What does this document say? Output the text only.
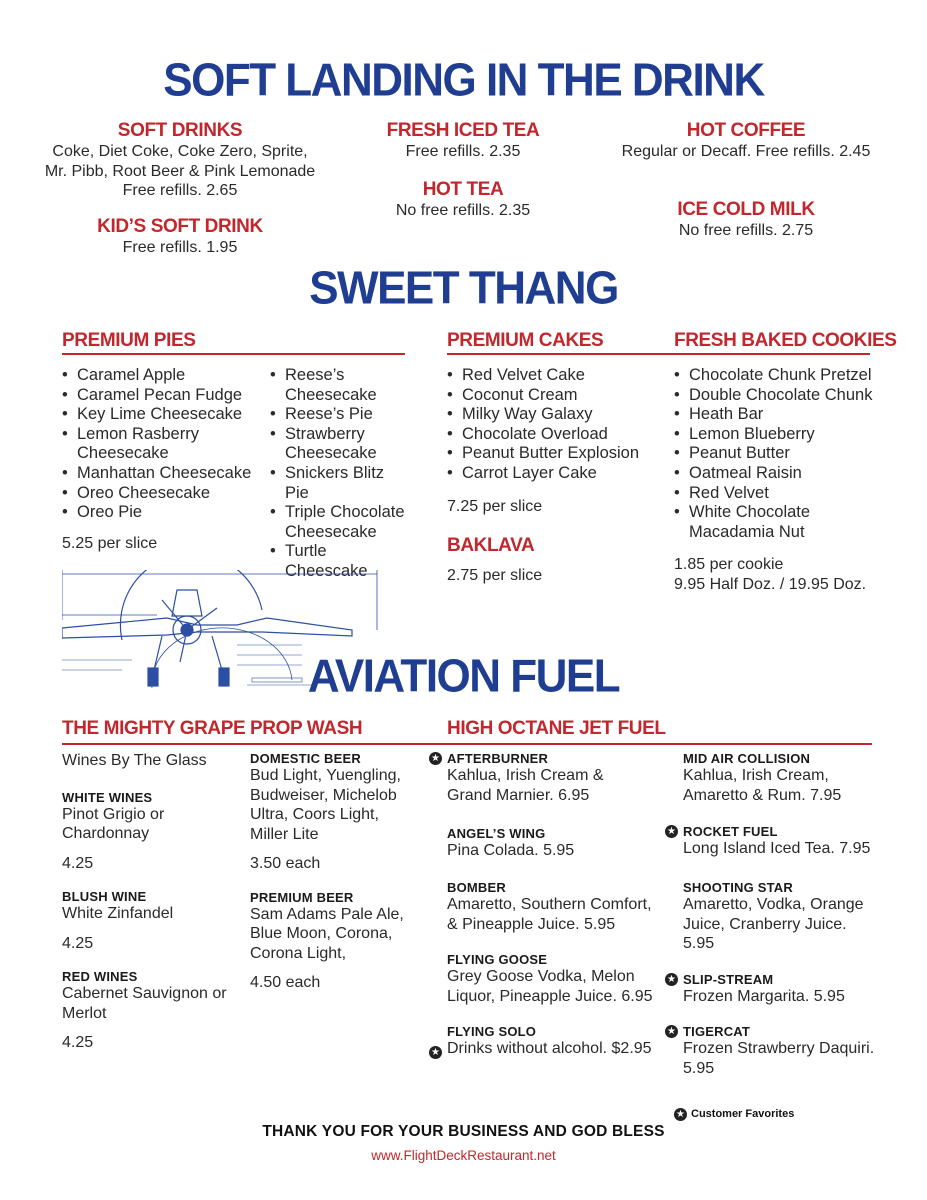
SOFT LANDING IN THE DRINK
SOFT DRINKS
Coke, Diet Coke, Coke Zero, Sprite,
Mr. Pibb, Root Beer & Pink Lemonade
Free refills. 2.65
KID’S SOFT DRINK
Free refills. 1.95
FRESH ICED TEA
Free refills. 2.35
HOT TEA
No free refills. 2.35
HOT COFFEE
Regular or Decaff. Free refills. 2.45
ICE COLD MILK
No free refills. 2.75
SWEET THANG
PREMIUM PIES
• Caramel Apple
• Caramel Pecan Fudge
• Key Lime Cheesecake
• Lemon Rasberry Cheesecake
• Manhattan Cheesecake
• Oreo Cheesecake
• Oreo Pie
• Reese’s Cheesecake
• Reese’s Pie
• Strawberry Cheesecake
• Snickers Blitz Pie
• Triple Chocolate Cheesecake
• Turtle Cheescake
5.25 per slice
PREMIUM CAKES
• Red Velvet Cake
• Coconut Cream
• Milky Way Galaxy
• Chocolate Overload
• Peanut Butter Explosion
• Carrot Layer Cake
7.25 per slice
BAKLAVA
2.75 per slice
FRESH BAKED COOKIES
• Chocolate Chunk Pretzel
• Double Chocolate Chunk
• Heath Bar
• Lemon Blueberry
• Peanut Butter
• Oatmeal Raisin
• Red Velvet
• White Chocolate Macadamia Nut
1.85 per cookie
9.95 Half Doz. / 19.95 Doz.
AVIATION FUEL
THE MIGHTY GRAPE
Wines By The Glass
WHITE WINES
Pinot Grigio or
Chardonnay
4.25
BLUSH WINE
White Zinfandel
4.25
RED WINES
Cabernet Sauvignon or
Merlot
4.25
PROP WASH
DOMESTIC BEER
Bud Light, Yuengling,
Budweiser, Michelob
Ultra, Coors Light,
Miller Lite
3.50 each
PREMIUM BEER
Sam Adams Pale Ale,
Blue Moon, Corona,
Corona Light,
4.50 each
HIGH OCTANE JET FUEL
AFTERBURNER
Kahlua, Irish Cream &
Grand Marnier. 6.95
★
ANGEL’S WING
Pina Colada. 5.95
BOMBER
Amaretto, Southern Comfort,
& Pineapple Juice. 5.95
FLYING GOOSE
Grey Goose Vodka, Melon
Liquor, Pineapple Juice. 6.95
FLYING SOLO
Drinks without alcohol. $2.95
★
MID AIR COLLISION
Kahlua, Irish Cream,
Amaretto & Rum. 7.95
ROCKET FUEL
Long Island Iced Tea. 7.95
★
SHOOTING STAR
Amaretto, Vodka, Orange
Juice, Cranberry Juice.
5.95
SLIP-STREAM
Frozen Margarita. 5.95
★
TIGERCAT
Frozen Strawberry Daquiri.
5.95
★
★ Customer Favorites
THANK YOU FOR YOUR BUSINESS AND GOD BLESS
www.FlightDeckRestaurant.net
